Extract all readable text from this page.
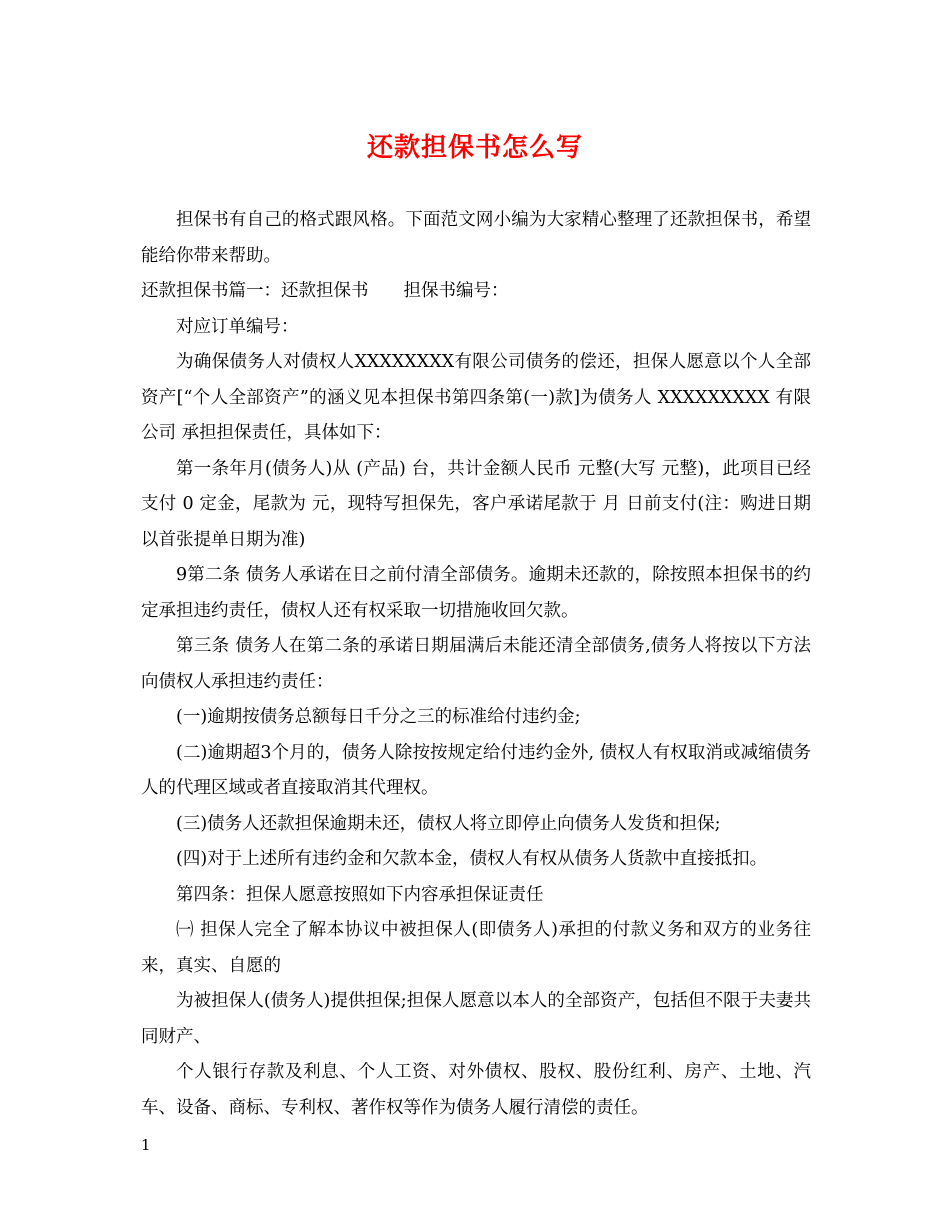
还款担保书怎么写

担保书有自己的格式跟风格。下面范文网小编为大家精心整理了还款担保书，希望能给你带来帮助。

还款担保书篇一：还款担保书　　担保书编号：

对应订单编号：

为确保债务人对债权人XXXXXXXX有限公司债务的偿还，担保人愿意以个人全部资产[“个人全部资产”的涵义见本担保书第四条第(一)款]为债务人 XXXXXXXXX 有限公司 承担担保责任，具体如下：

第一条年月(债务人)从 (产品) 台，共计金额人民币 元整(大写 元整)，此项目已经支付 0 定金，尾款为 元，现特写担保先，客户承诺尾款于 月 日前支付(注：购进日期以首张提单日期为准)

9第二条 债务人承诺在日之前付清全部债务。逾期未还款的，除按照本担保书的约定承担违约责任，债权人还有权采取一切措施收回欠款。

第三条 债务人在第二条的承诺日期届满后未能还清全部债务,债务人将按以下方法向债权人承担违约责任：

(一)逾期按债务总额每日千分之三的标准给付违约金;

(二)逾期超3个月的，债务人除按按规定给付违约金外, 债权人有权取消或减缩债务人的代理区域或者直接取消其代理权。

(三)债务人还款担保逾期未还，债权人将立即停止向债务人发货和担保;

(四)对于上述所有违约金和欠款本金，债权人有权从债务人货款中直接抵扣。

第四条：担保人愿意按照如下内容承担保证责任

㈠ 担保人完全了解本协议中被担保人(即债务人)承担的付款义务和双方的业务往来，真实、自愿的

为被担保人(债务人)提供担保;担保人愿意以本人的全部资产，包括但不限于夫妻共同财产、

个人银行存款及利息、个人工资、对外债权、股权、股份红利、房产、土地、汽车、设备、商标、专利权、著作权等作为债务人履行清偿的责任。

1
